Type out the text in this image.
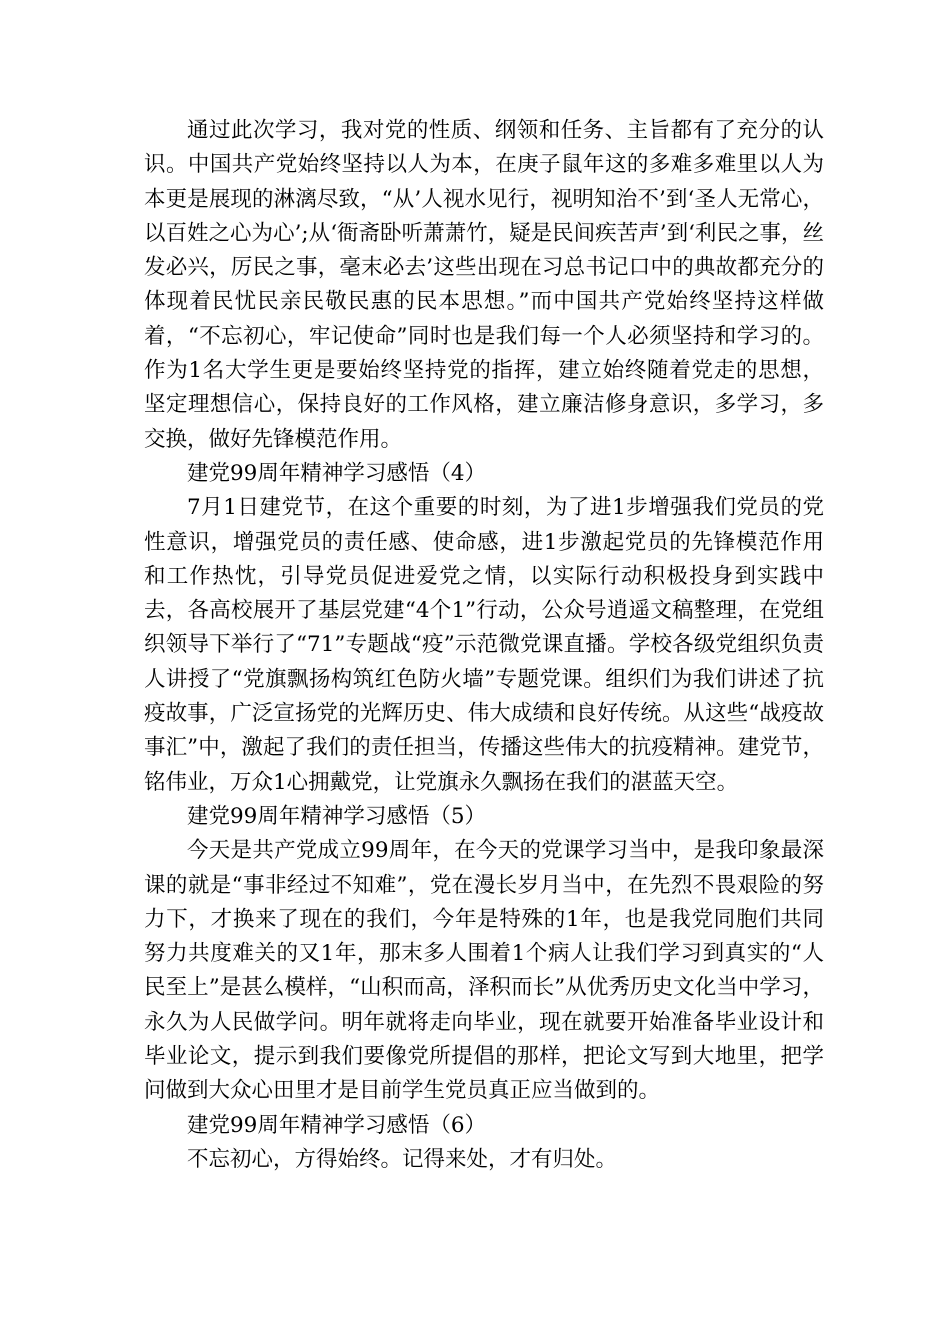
通过此次学习，我对党的性质、纲领和任务、主旨都有了充分的认识。中国共产党始终坚持以人为本，在庚子鼠年这的多难多难里以人为本更是展现的淋漓尽致，“从’人视水见行，视明知治不’到‘圣人无常心，以百姓之心为心’;从‘衙斋卧听萧萧竹，疑是民间疾苦声’到‘利民之事，丝发必兴，厉民之事，毫末必去’这些出现在习总书记口中的典故都充分的体现着民忧民亲民敬民惠的民本思想。”而中国共产党始终坚持这样做着，“不忘初心，牢记使命”同时也是我们每一个人必须坚持和学习的。作为1名大学生更是要始终坚持党的指挥，建立始终随着党走的思想，坚定理想信心，保持良好的工作风格，建立廉洁修身意识，多学习，多交换，做好先锋模范作用。

建党99周年精神学习感悟（4）

7月1日建党节，在这个重要的时刻，为了进1步增强我们党员的党性意识，增强党员的责任感、使命感，进1步激起党员的先锋模范作用和工作热忱，引导党员促进爱党之情，以实际行动积极投身到实践中去，各高校展开了基层党建“4个1”行动，公众号逍遥文稿整理，在党组织领导下举行了“71”专题战“疫”示范微党课直播。学校各级党组织负责人讲授了“党旗飘扬构筑红色防火墙”专题党课。组织们为我们讲述了抗疫故事，广泛宣扬党的光辉历史、伟大成绩和良好传统。从这些“战疫故事汇”中，激起了我们的责任担当，传播这些伟大的抗疫精神。建党节，铭伟业，万众1心拥戴党，让党旗永久飘扬在我们的湛蓝天空。

建党99周年精神学习感悟（5）

今天是共产党成立99周年，在今天的党课学习当中，是我印象最深课的就是“事非经过不知难”，党在漫长岁月当中，在先烈不畏艰险的努力下，才换来了现在的我们，今年是特殊的1年，也是我党同胞们共同努力共度难关的又1年，那末多人围着1个病人让我们学习到真实的“人民至上”是甚么模样，“山积而高，泽积而长”从优秀历史文化当中学习，永久为人民做学问。明年就将走向毕业，现在就要开始准备毕业设计和毕业论文，提示到我们要像党所提倡的那样，把论文写到大地里，把学问做到大众心田里才是目前学生党员真正应当做到的。

建党99周年精神学习感悟（6）

不忘初心，方得始终。记得来处，才有归处。
